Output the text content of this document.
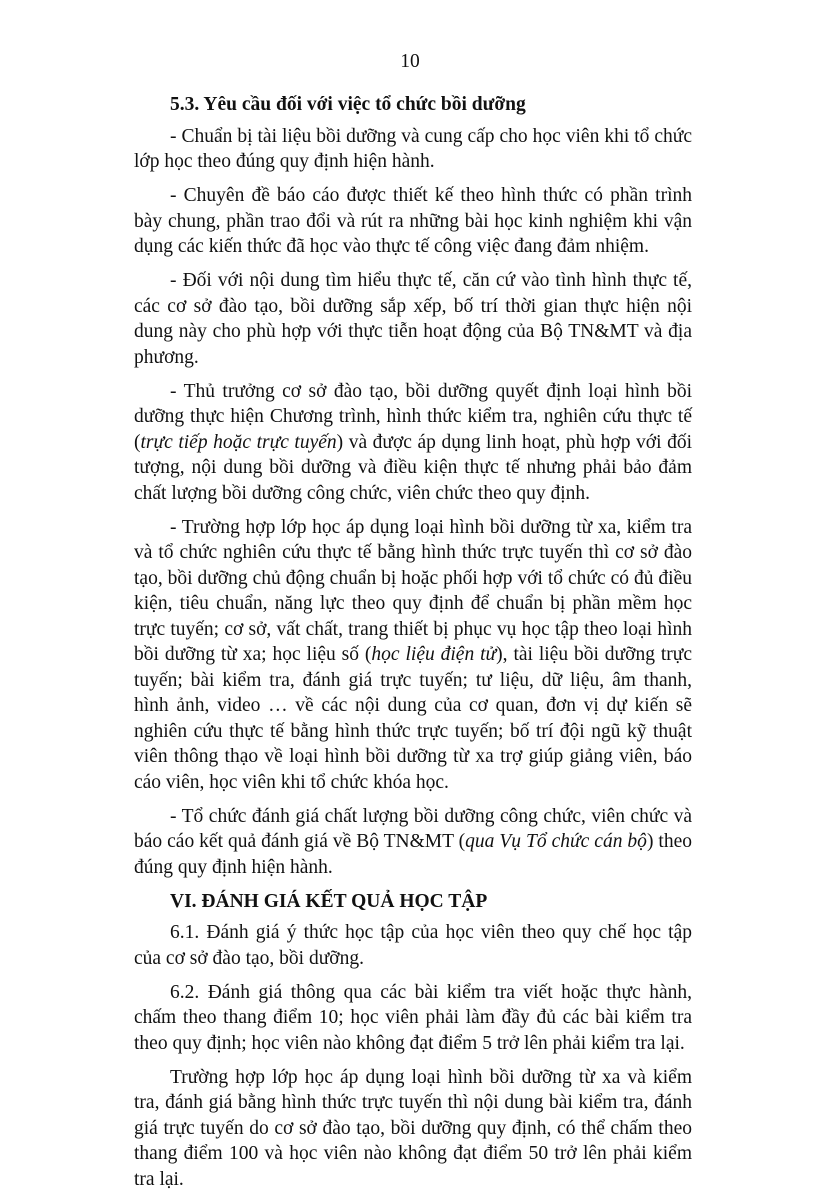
10
5.3. Yêu cầu đối với việc tổ chức bồi dưỡng

- Chuẩn bị tài liệu bồi dưỡng và cung cấp cho học viên khi tổ chức lớp học theo đúng quy định hiện hành.

- Chuyên đề báo cáo được thiết kế theo hình thức có phần trình bày chung, phần trao đổi và rút ra những bài học kinh nghiệm khi vận dụng các kiến thức đã học vào thực tế công việc đang đảm nhiệm.

- Đối với nội dung tìm hiểu thực tế, căn cứ vào tình hình thực tế, các cơ sở đào tạo, bồi dưỡng sắp xếp, bố trí thời gian thực hiện nội dung này cho phù hợp với thực tiễn hoạt động của Bộ TN&MT và địa phương.

- Thủ trưởng cơ sở đào tạo, bồi dưỡng quyết định loại hình bồi dưỡng thực hiện Chương trình, hình thức kiểm tra, nghiên cứu thực tế (trực tiếp hoặc trực tuyến) và được áp dụng linh hoạt, phù hợp với đối tượng, nội dung bồi dưỡng và điều kiện thực tế nhưng phải bảo đảm chất lượng bồi dưỡng công chức, viên chức theo quy định.

- Trường hợp lớp học áp dụng loại hình bồi dưỡng từ xa, kiểm tra và tổ chức nghiên cứu thực tế bằng hình thức trực tuyến thì cơ sở đào tạo, bồi dưỡng chủ động chuẩn bị hoặc phối hợp với tổ chức có đủ điều kiện, tiêu chuẩn, năng lực theo quy định để chuẩn bị phần mềm học trực tuyến; cơ sở, vất chất, trang thiết bị phục vụ học tập theo loại hình bồi dưỡng từ xa; học liệu số (học liệu điện tử), tài liệu bồi dưỡng trực tuyến; bài kiểm tra, đánh giá trực tuyến; tư liệu, dữ liệu, âm thanh, hình ảnh, video … về các nội dung của cơ quan, đơn vị dự kiến sẽ nghiên cứu thực tế bằng hình thức trực tuyến; bố trí đội ngũ kỹ thuật viên thông thạo về loại hình bồi dưỡng từ xa trợ giúp giảng viên, báo cáo viên, học viên khi tổ chức khóa học.

- Tổ chức đánh giá chất lượng bồi dưỡng công chức, viên chức và báo cáo kết quả đánh giá về Bộ TN&MT (qua Vụ Tổ chức cán bộ) theo đúng quy định hiện hành.

VI. ĐÁNH GIÁ KẾT QUẢ HỌC TẬP

6.1. Đánh giá ý thức học tập của học viên theo quy chế học tập của cơ sở đào tạo, bồi dưỡng.

6.2. Đánh giá thông qua các bài kiểm tra viết hoặc thực hành, chấm theo thang điểm 10; học viên phải làm đầy đủ các bài kiểm tra theo quy định; học viên nào không đạt điểm 5 trở lên phải kiểm tra lại.

Trường hợp lớp học áp dụng loại hình bồi dưỡng từ xa và kiểm tra, đánh giá bằng hình thức trực tuyến thì nội dung bài kiểm tra, đánh giá trực tuyến do cơ sở đào tạo, bồi dưỡng quy định, có thể chấm theo thang điểm 100 và học viên nào không đạt điểm 50 trở lên phải kiểm tra lại.
